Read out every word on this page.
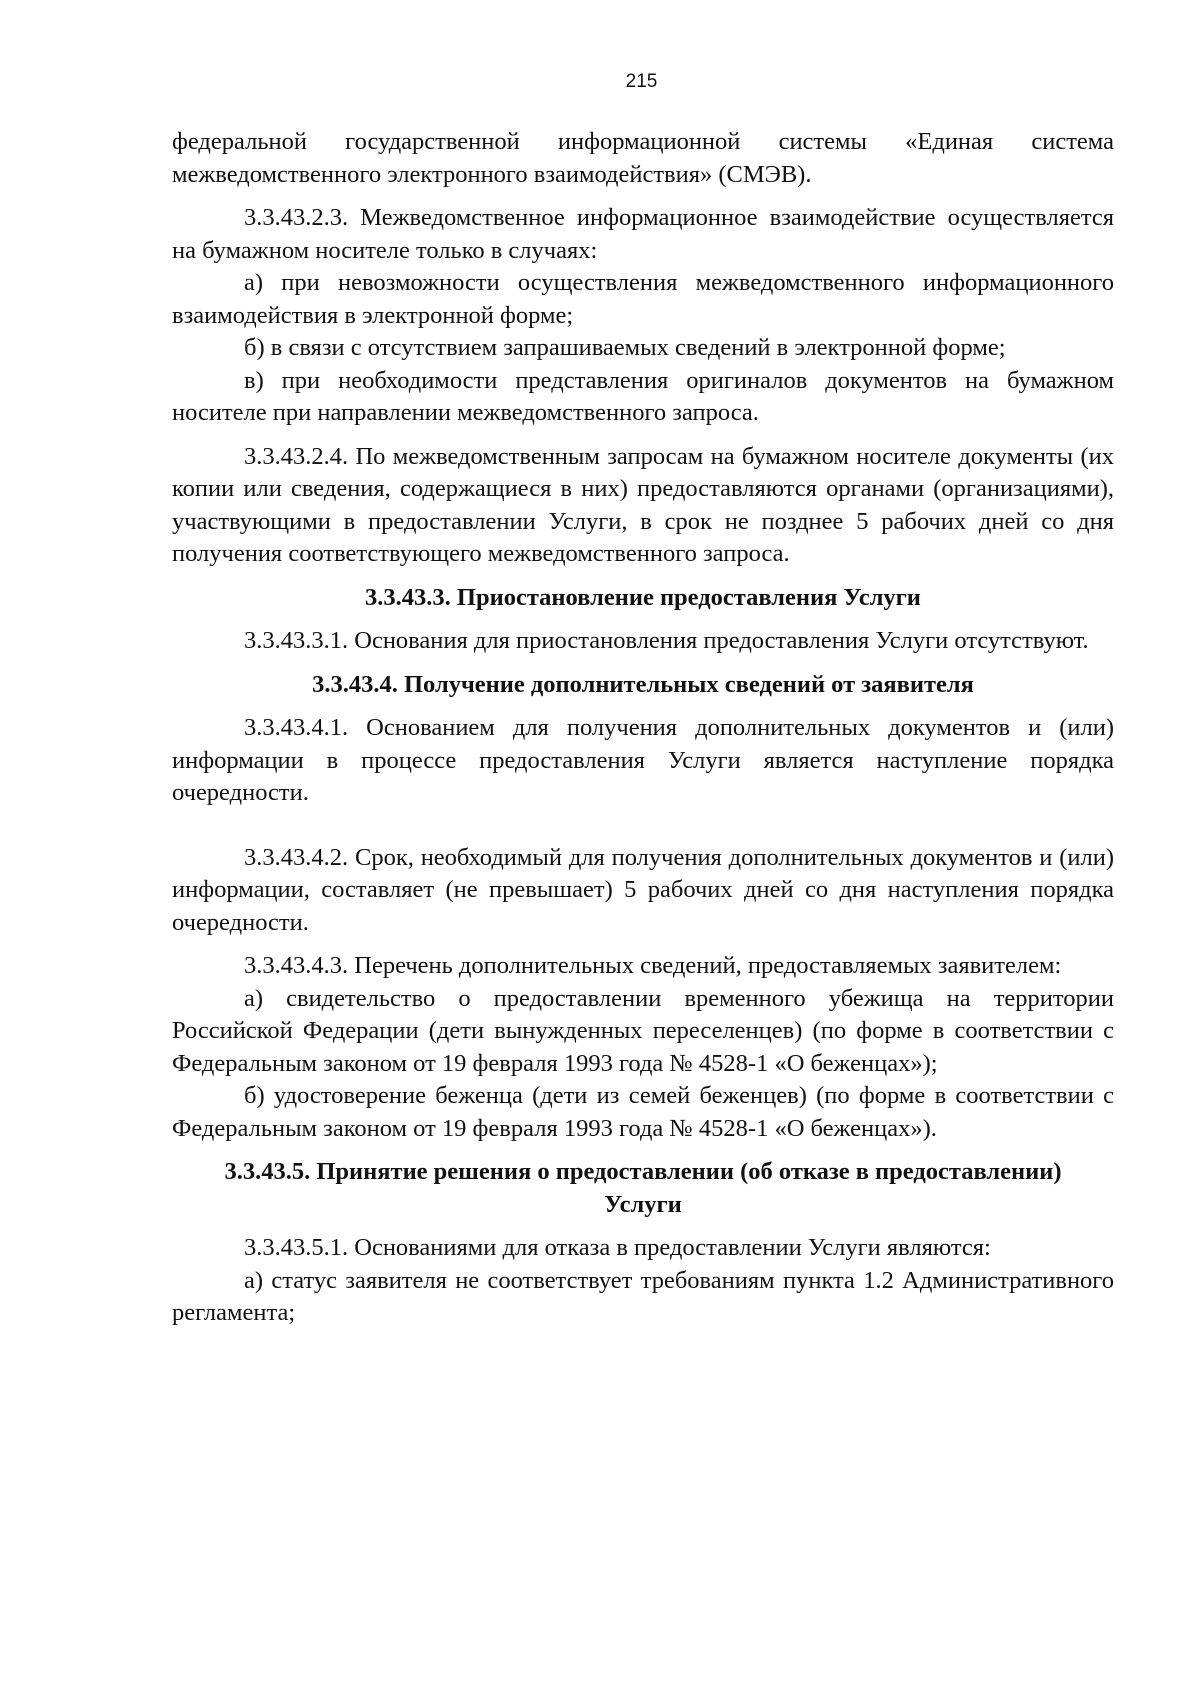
215

федеральной государственной информационной системы «Единая система межведомственного электронного взаимодействия» (СМЭВ).

3.3.43.2.3. Межведомственное информационное взаимодействие осуществляется на бумажном носителе только в случаях:

а) при невозможности осуществления межведомственного информационного взаимодействия в электронной форме;

б) в связи с отсутствием запрашиваемых сведений в электронной форме;

в) при необходимости представления оригиналов документов на бумажном носителе при направлении межведомственного запроса.

3.3.43.2.4. По межведомственным запросам на бумажном носителе документы (их копии или сведения, содержащиеся в них) предоставляются органами (организациями), участвующими в предоставлении Услуги, в срок не позднее 5 рабочих дней со дня получения соответствующего межведомственного запроса.

3.3.43.3. Приостановление предоставления Услуги

3.3.43.3.1. Основания для приостановления предоставления Услуги отсутствуют.

3.3.43.4. Получение дополнительных сведений от заявителя

3.3.43.4.1. Основанием для получения дополнительных документов и (или) информации в процессе предоставления Услуги является наступление порядка очередности.

3.3.43.4.2. Срок, необходимый для получения дополнительных документов и (или) информации, составляет (не превышает) 5 рабочих дней со дня наступления порядка очередности.

3.3.43.4.3. Перечень дополнительных сведений, предоставляемых заявителем:

а) свидетельство о предоставлении временного убежища на территории Российской Федерации (дети вынужденных переселенцев) (по форме в соответствии с Федеральным законом от 19 февраля 1993 года № 4528-1 «О беженцах»);

б) удостоверение беженца (дети из семей беженцев) (по форме в соответствии с Федеральным законом от 19 февраля 1993 года № 4528-1 «О беженцах»).

3.3.43.5. Принятие решения о предоставлении (об отказе в предоставлении) Услуги

3.3.43.5.1. Основаниями для отказа в предоставлении Услуги являются:

а) статус заявителя не соответствует требованиям пункта 1.2 Административного регламента;
